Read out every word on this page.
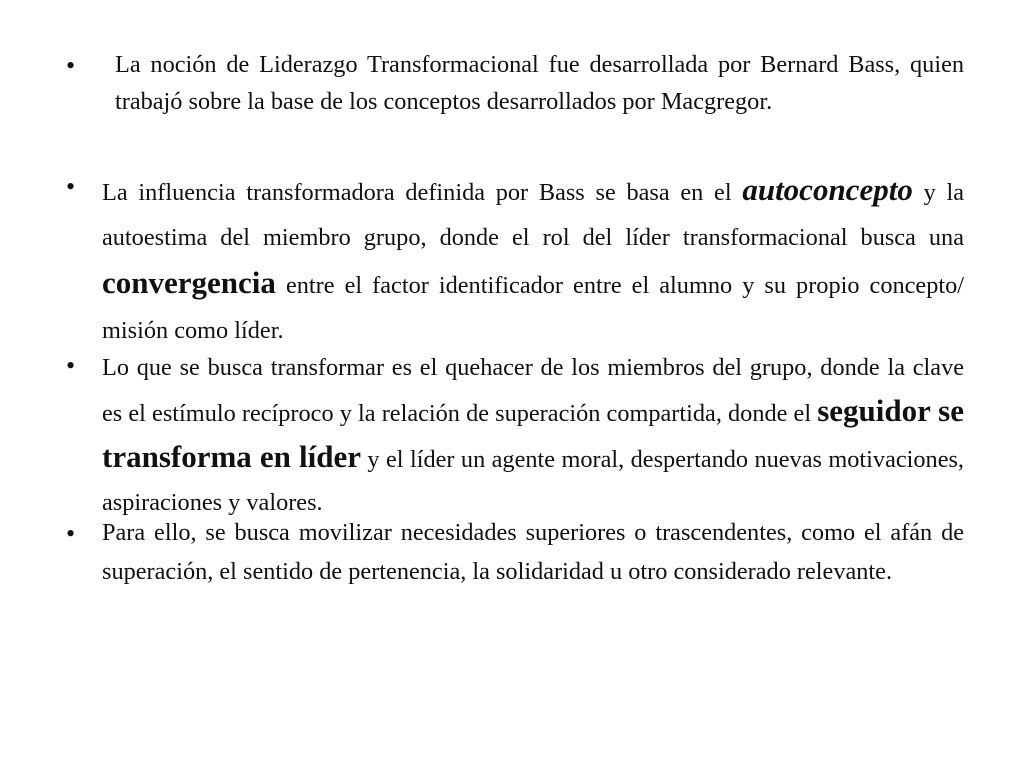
• La noción de Liderazgo Transformacional fue desarrollada por Bernard Bass, quien trabajó sobre la base de los conceptos desarrollados por Macgregor.
• La influencia transformadora definida por Bass se basa en el autoconcepto y la autoestima del miembro grupo, donde el rol del líder transformacional busca una convergencia entre el factor identificador entre el alumno y su propio concepto/ misión como líder.
• Lo que se busca transformar es el quehacer de los miembros del grupo, donde la clave es el estímulo recíproco y la relación de superación compartida, donde el seguidor se transforma en líder y el líder un agente moral, despertando nuevas motivaciones, aspiraciones y valores.
• Para ello, se busca movilizar necesidades superiores o trascendentes, como el afán de superación, el sentido de pertenencia, la solidaridad u otro considerado relevante.
